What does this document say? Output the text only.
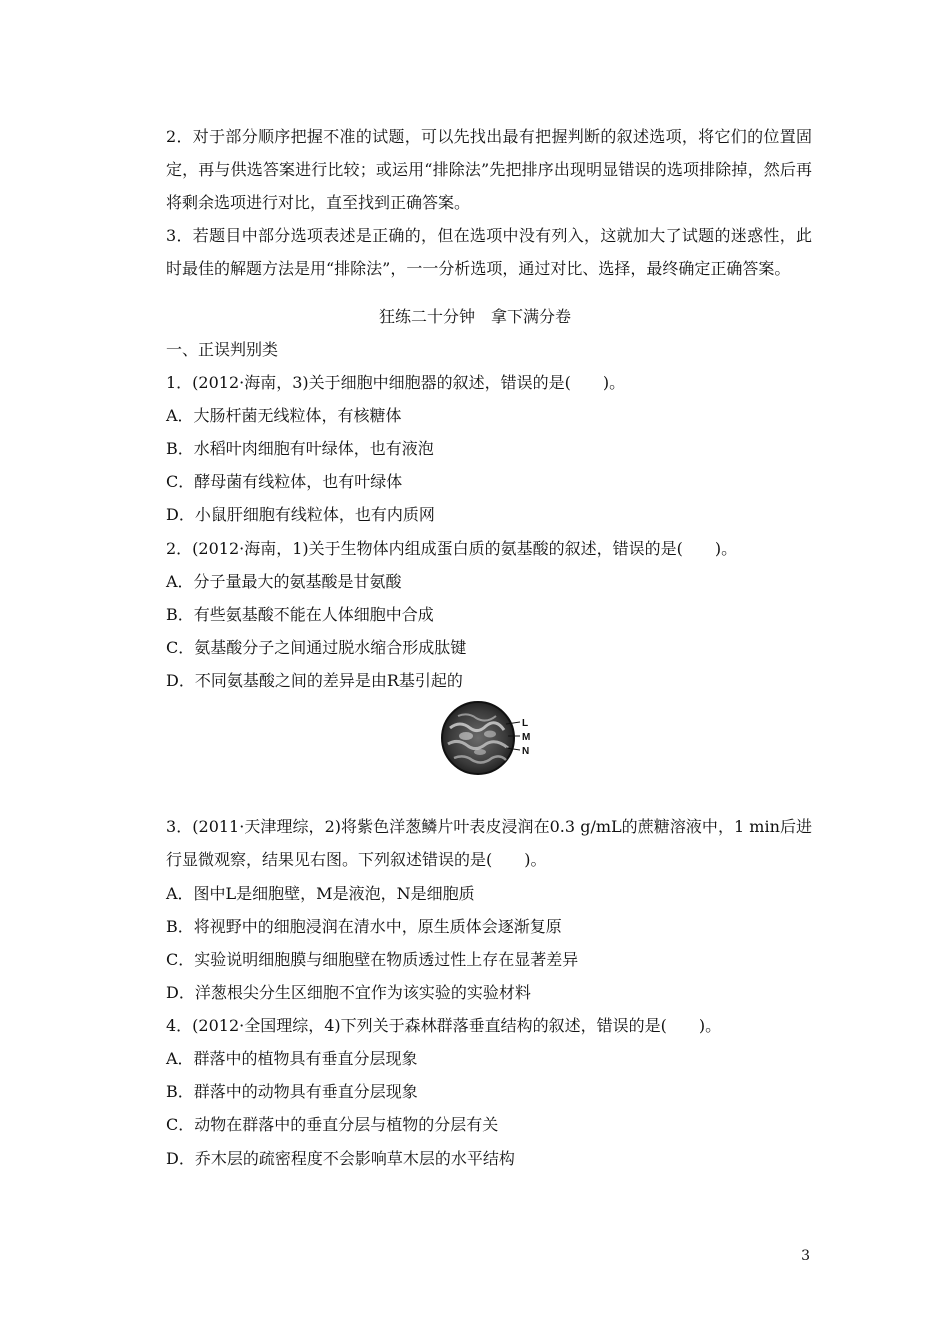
2．对于部分顺序把握不准的试题，可以先找出最有把握判断的叙述选项，将它们的位置固定，再与供选答案进行比较；或运用“排除法”先把排序出现明显错误的选项排除掉，然后再将剩余选项进行对比，直至找到正确答案。
3．若题目中部分选项表述是正确的，但在选项中没有列入，这就加大了试题的迷惑性，此时最佳的解题方法是用“排除法”，一一分析选项，通过对比、选择，最终确定正确答案。
狂练二十分钟　拿下满分卷
一、正误判别类
1．(2012·海南，3)关于细胞中细胞器的叙述，错误的是(　　)。
A．大肠杆菌无线粒体，有核糖体
B．水稻叶肉细胞有叶绿体，也有液泡
C．酵母菌有线粒体，也有叶绿体
D．小鼠肝细胞有线粒体，也有内质网
2．(2012·海南，1)关于生物体内组成蛋白质的氨基酸的叙述，错误的是(　　)。
A．分子量最大的氨基酸是甘氨酸
B．有些氨基酸不能在人体细胞中合成
C．氨基酸分子之间通过脱水缩合形成肽键
D．不同氨基酸之间的差异是由R基引起的
L
M
N
3．(2011·天津理综，2)将紫色洋葱鳞片叶表皮浸润在0.3 g/mL的蔗糖溶液中，1 min后进行显微观察，结果见右图。下列叙述错误的是(　　)。
A．图中L是细胞壁，M是液泡，N是细胞质
B．将视野中的细胞浸润在清水中，原生质体会逐渐复原
C．实验说明细胞膜与细胞壁在物质透过性上存在显著差异
D．洋葱根尖分生区细胞不宜作为该实验的实验材料
4．(2012·全国理综，4)下列关于森林群落垂直结构的叙述，错误的是(　　)。
A．群落中的植物具有垂直分层现象
B．群落中的动物具有垂直分层现象
C．动物在群落中的垂直分层与植物的分层有关
D．乔木层的疏密程度不会影响草木层的水平结构
3
